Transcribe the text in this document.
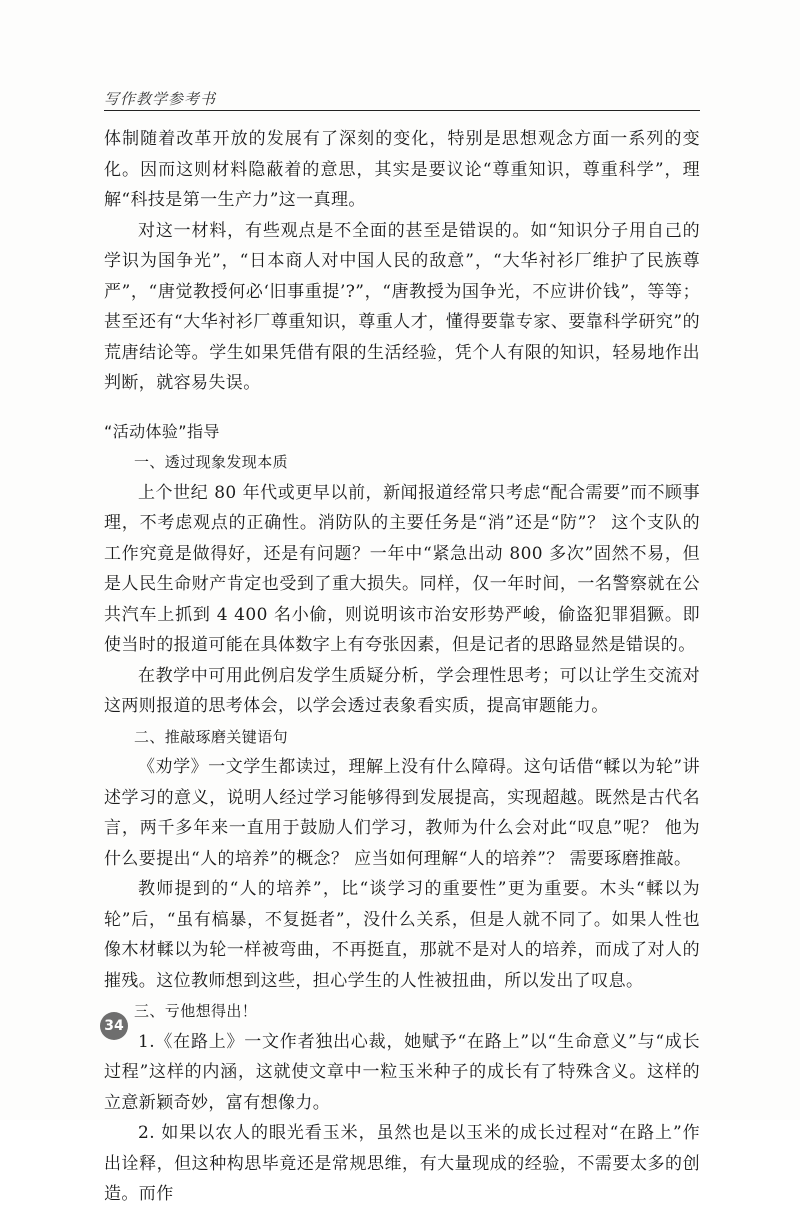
写作教学参考书

体制随着改革开放的发展有了深刻的变化，特别是思想观念方面一系列的变化。因而这则材料隐蔽着的意思，其实是要议论“尊重知识，尊重科学”，理解“科技是第一生产力”这一真理。

对这一材料，有些观点是不全面的甚至是错误的。如“知识分子用自己的学识为国争光”，“日本商人对中国人民的敌意”，“大华衬衫厂维护了民族尊严”，“唐觉教授何必‘旧事重提’?”，“唐教授为国争光，不应讲价钱”，等等；甚至还有“大华衬衫厂尊重知识，尊重人才，懂得要靠专家、要靠科学研究”的荒唐结论等。学生如果凭借有限的生活经验，凭个人有限的知识，轻易地作出判断，就容易失误。

“活动体验”指导

一、透过现象发现本质

上个世纪 80 年代或更早以前，新闻报道经常只考虑“配合需要”而不顾事理，不考虑观点的正确性。消防队的主要任务是“消”还是“防”？ 这个支队的工作究竟是做得好，还是有问题？一年中“紧急出动 800 多次”固然不易，但是人民生命财产肯定也受到了重大损失。同样，仅一年时间，一名警察就在公共汽车上抓到 4 400 名小偷，则说明该市治安形势严峻，偷盗犯罪猖獗。即使当时的报道可能在具体数字上有夸张因素，但是记者的思路显然是错误的。

在教学中可用此例启发学生质疑分析，学会理性思考；可以让学生交流对这两则报道的思考体会，以学会透过表象看实质，提高审题能力。

二、推敲琢磨关键语句

《劝学》一文学生都读过，理解上没有什么障碍。这句话借“輮以为轮”讲述学习的意义，说明人经过学习能够得到发展提高，实现超越。既然是古代名言，两千多年来一直用于鼓励人们学习，教师为什么会对此“叹息”呢？ 他为什么要提出“人的培养”的概念？ 应当如何理解“人的培养”？ 需要琢磨推敲。

教师提到的“人的培养”，比“谈学习的重要性”更为重要。木头“輮以为轮”后，“虽有槁暴，不复挺者”，没什么关系，但是人就不同了。如果人性也像木材輮以为轮一样被弯曲，不再挺直，那就不是对人的培养，而成了对人的摧残。这位教师想到这些，担心学生的人性被扭曲，所以发出了叹息。

三、亏他想得出！

1.《在路上》一文作者独出心裁，她赋予“在路上”以“生命意义”与“成长过程”这样的内涵，这就使文章中一粒玉米种子的成长有了特殊含义。这样的立意新颖奇妙，富有想像力。

2. 如果以农人的眼光看玉米，虽然也是以玉米的成长过程对“在路上”作出诠释，但这种构思毕竟还是常规思维，有大量现成的经验，不需要太多的创造。而作

34
